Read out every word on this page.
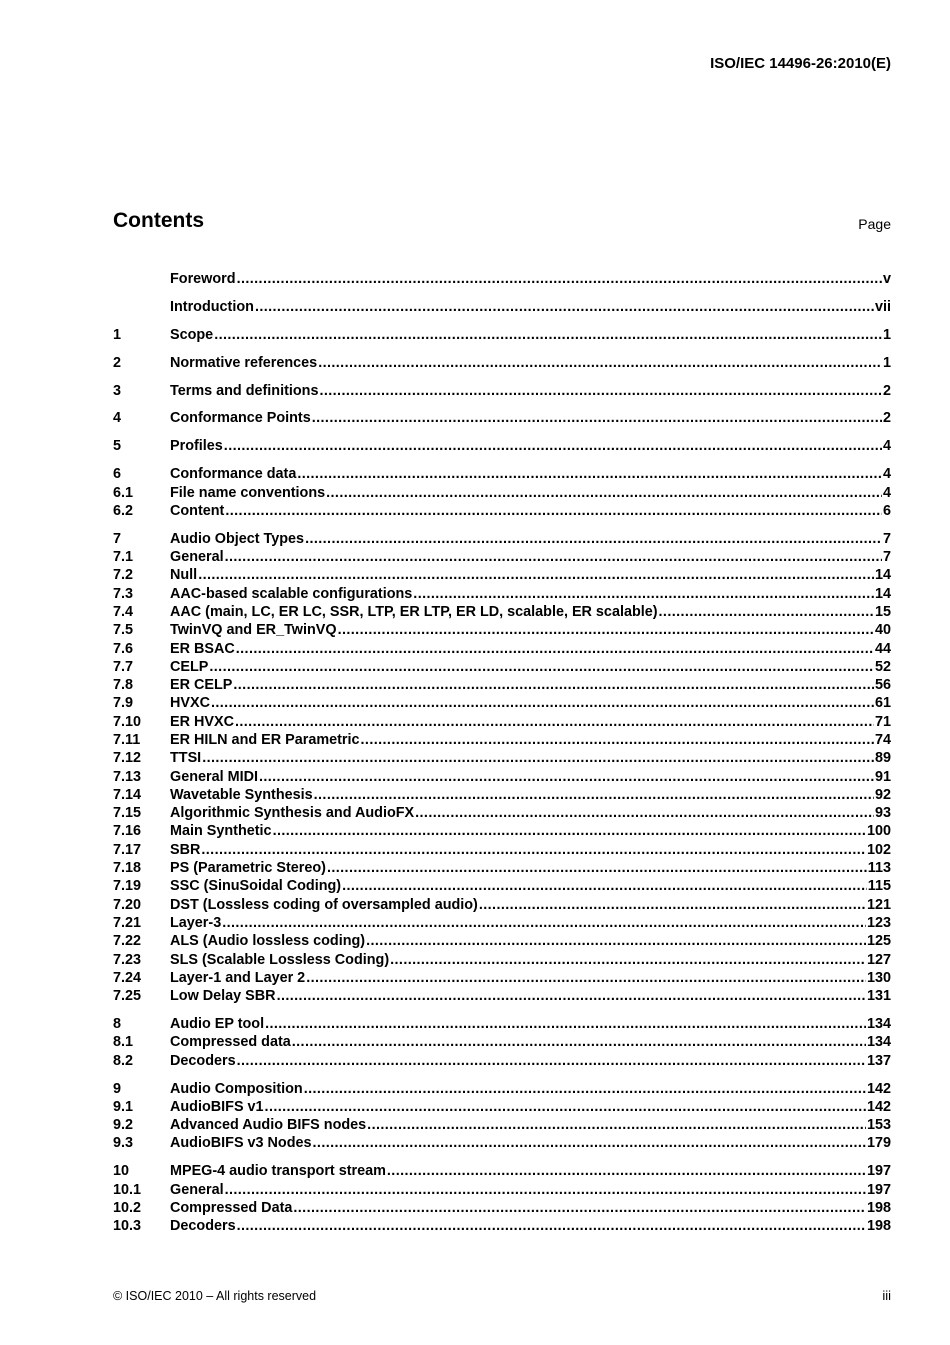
ISO/IEC 14496-26:2010(E)
Contents	Page
Foreword .....	v
Introduction .....	vii
1	Scope .....	1
2	Normative references .....	1
3	Terms and definitions .....	2
4	Conformance Points .....	2
5	Profiles .....	4
6	Conformance data .....	4
6.1	File name conventions .....	4
6.2	Content .....	6
7	Audio Object Types .....	7
7.1	General .....	7
7.2	Null .....	14
7.3	AAC-based scalable configurations .....	14
7.4	AAC (main, LC, ER LC, SSR, LTP, ER LTP, ER LD, scalable, ER scalable) .....	15
7.5	TwinVQ and ER_TwinVQ .....	40
7.6	ER BSAC .....	44
7.7	CELP .....	52
7.8	ER CELP .....	56
7.9	HVXC .....	61
7.10	ER HVXC .....	71
7.11	ER HILN and ER Parametric .....	74
7.12	TTSI .....	89
7.13	General MIDI .....	91
7.14	Wavetable Synthesis .....	92
7.15	Algorithmic Synthesis and AudioFX .....	93
7.16	Main Synthetic .....	100
7.17	SBR .....	102
7.18	PS (Parametric Stereo) .....	113
7.19	SSC (SinuSoidal Coding) .....	115
7.20	DST (Lossless coding of oversampled audio) .....	121
7.21	Layer-3 .....	123
7.22	ALS (Audio lossless coding) .....	125
7.23	SLS (Scalable Lossless Coding) .....	127
7.24	Layer-1 and Layer 2 .....	130
7.25	Low Delay SBR .....	131
8	Audio EP tool .....	134
8.1	Compressed data .....	134
8.2	Decoders .....	137
9	Audio Composition .....	142
9.1	AudioBIFS v1 .....	142
9.2	Advanced Audio BIFS nodes .....	153
9.3	AudioBIFS v3 Nodes .....	179
10	MPEG-4 audio transport stream .....	197
10.1	General .....	197
10.2	Compressed Data .....	198
10.3	Decoders .....	198
© ISO/IEC 2010 – All rights reserved	iii
